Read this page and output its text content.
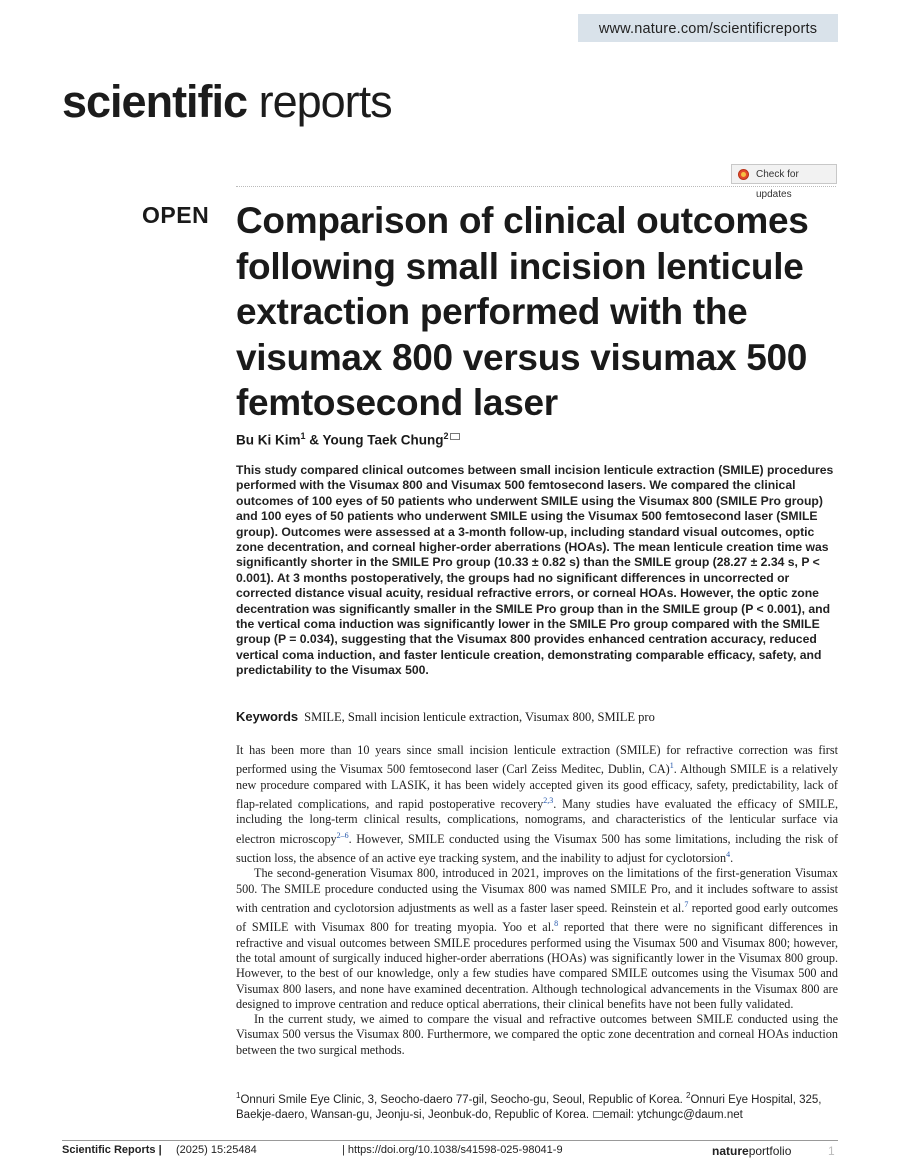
www.nature.com/scientificreports
scientific reports
Check for updates
OPEN Comparison of clinical outcomes following small incision lenticule extraction performed with the visumax 800 versus visumax 500 femtosecond laser
Bu Ki Kim$^1$ & Young Taek Chung$^2$

This study compared clinical outcomes between small incision lenticule extraction (SMILE) procedures performed with the Visumax 800 and Visumax 500 femtosecond lasers. We compared the clinical outcomes of 100 eyes of 50 patients who underwent SMILE using the Visumax 800 (SMILE Pro group) and 100 eyes of 50 patients who underwent SMILE using the Visumax 500 femtosecond laser (SMILE group). Outcomes were assessed at a 3-month follow-up, including standard visual outcomes, optic zone decentration, and corneal higher-order aberrations (HOAs). The mean lenticule creation time was significantly shorter in the SMILE Pro group (10.33 ± 0.82 s) than the SMILE group (28.27 ± 2.34 s, P < 0.001). At 3 months postoperatively, the groups had no significant differences in uncorrected or corrected distance visual acuity, residual refractive errors, or corneal HOAs. However, the optic zone decentration was significantly smaller in the SMILE Pro group than in the SMILE group (P < 0.001), and the vertical coma induction was significantly lower in the SMILE Pro group compared with the SMILE group (P = 0.034), suggesting that the Visumax 800 provides enhanced centration accuracy, reduced vertical coma induction, and faster lenticule creation, demonstrating comparable efficacy, safety, and predictability to the Visumax 500.

Keywords SMILE, Small incision lenticule extraction, Visumax 800, SMILE pro

It has been more than 10 years since small incision lenticule extraction (SMILE) for refractive correction was first performed using the Visumax 500 femtosecond laser (Carl Zeiss Meditec, Dublin, CA)$^1$. Although SMILE is a relatively new procedure compared with LASIK, it has been widely accepted given its good efficacy, safety, predictability, lack of flap-related complications, and rapid postoperative recovery$^{2,3}$. Many studies have evaluated the efficacy of SMILE, including the long-term clinical results, complications, nomograms, and characteristics of the lenticular surface via electron microscopy$^{2-6}$. However, SMILE conducted using the Visumax 500 has some limitations, including the risk of suction loss, the absence of an active eye tracking system, and the inability to adjust for cyclotorsion$^4$.

The second-generation Visumax 800, introduced in 2021, improves on the limitations of the first-generation Visumax 500. The SMILE procedure conducted using the Visumax 800 was named SMILE Pro, and it includes software to assist with centration and cyclotorsion adjustments as well as a faster laser speed. Reinstein et al.$^7$ reported good early outcomes of SMILE with Visumax 800 for treating myopia. Yoo et al.$^8$ reported that there were no significant differences in refractive and visual outcomes between SMILE procedures performed using the Visumax 500 and Visumax 800; however, the total amount of surgically induced higher-order aberrations (HOAs) was significantly lower in the Visumax 800 group. However, to the best of our knowledge, only a few studies have compared SMILE outcomes using the Visumax 500 and Visumax 800 lasers, and none have examined decentration. Although technological advancements in the Visumax 800 are designed to improve centration and reduce optical aberrations, their clinical benefits have not been fully validated.

In the current study, we aimed to compare the visual and refractive outcomes between SMILE conducted using the Visumax 500 versus the Visumax 800. Furthermore, we compared the optic zone decentration and corneal HOAs induction between the two surgical methods.

$^1$Onnuri Smile Eye Clinic, 3, Seocho-daero 77-gil, Seocho-gu, Seoul, Republic of Korea. $^2$Onnuri Eye Hospital, 325, Baekje-daero, Wansan-gu, Jeonju-si, Jeonbuk-do, Republic of Korea. email: ytchungc@daum.net
Scientific Reports | (2025) 15:25484	| https://doi.org/10.1038/s41598-025-98041-9	natureportfolio	1
